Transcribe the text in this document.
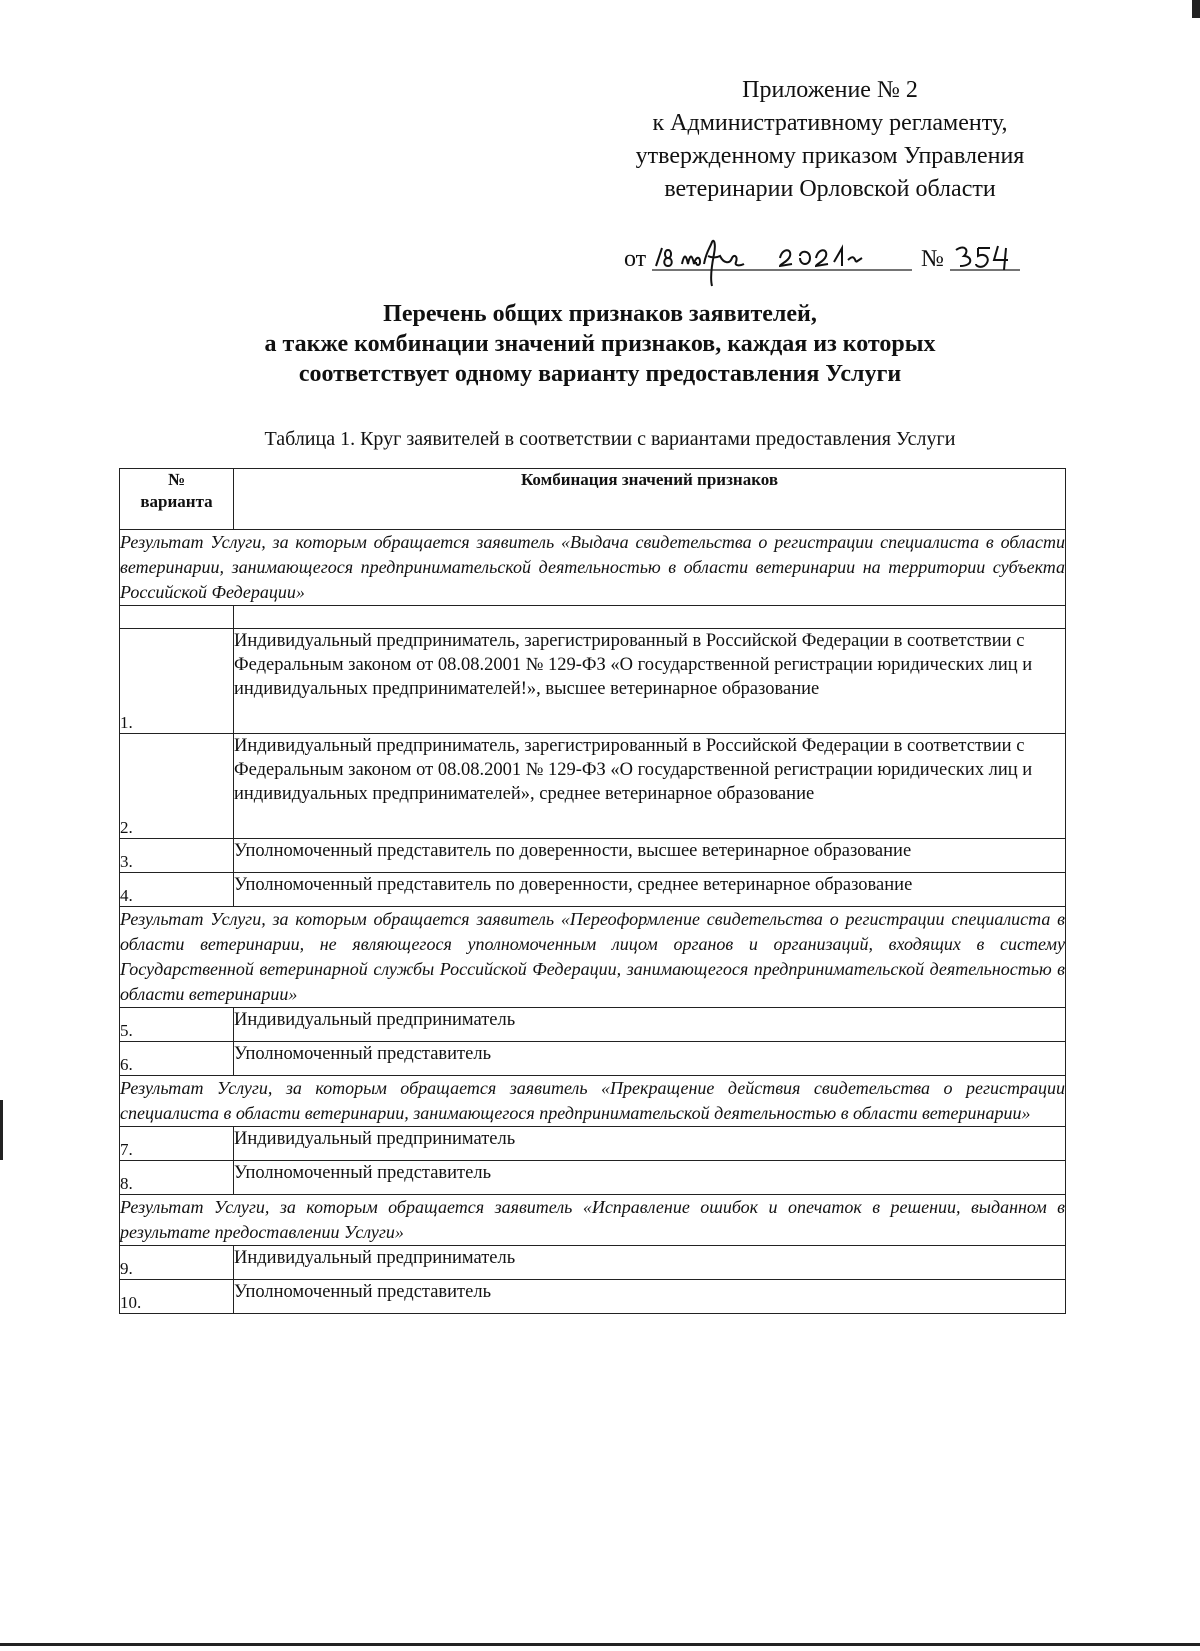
Приложение № 2
к Административному регламенту,
утвержденному приказом Управления
ветеринарии Орловской области
от	№
Перечень общих признаков заявителей,
а также комбинации значений признаков, каждая из которых
соответствует одному варианту предоставления Услуги
Таблица 1. Круг заявителей в соответствии с вариантами предоставления Услуги
№
варианта	Комбинация значений признаков
Результат Услуги, за которым обращается заявитель «Выдача свидетельства о регистрации специалиста в области ветеринарии, занимающегося предпринимательской деятельностью в области ветеринарии на территории субъекта Российской Федерации»	

1.	Индивидуальный предприниматель, зарегистрированный в Российской Федерации в соответствии с Федеральным законом от 08.08.2001 № 129-ФЗ «О государственной регистрации юридических лиц и индивидуальных предпринимателей!», высшее ветеринарное образование
2.	Индивидуальный предприниматель, зарегистрированный в Российской Федерации в соответствии с Федеральным законом от 08.08.2001 № 129-ФЗ «О государственной регистрации юридических лиц и индивидуальных предпринимателей», среднее ветеринарное образование
3.	Уполномоченный представитель по доверенности, высшее ветеринарное образование
4.	Уполномоченный представитель по доверенности, среднее ветеринарное образование
Результат Услуги, за которым обращается заявитель «Переоформление свидетельства о регистрации специалиста в области ветеринарии, не являющегося уполномоченным лицом органов и организаций, входящих в систему Государственной ветеринарной службы Российской Федерации, занимающегося предпринимательской деятельностью в области ветеринарии»	
5.	Индивидуальный предприниматель
6.	Уполномоченный представитель
Результат Услуги, за которым обращается заявитель «Прекращение действия свидетельства о регистрации специалиста в области ветеринарии, занимающегося предпринимательской деятельностью в области ветеринарии»	
7.	Индивидуальный предприниматель
8.	Уполномоченный представитель
Результат Услуги, за которым обращается заявитель «Исправление ошибок и опечаток в решении, выданном в результате предоставлении Услуги»	
9.	Индивидуальный предприниматель
10.	Уполномоченный представитель
